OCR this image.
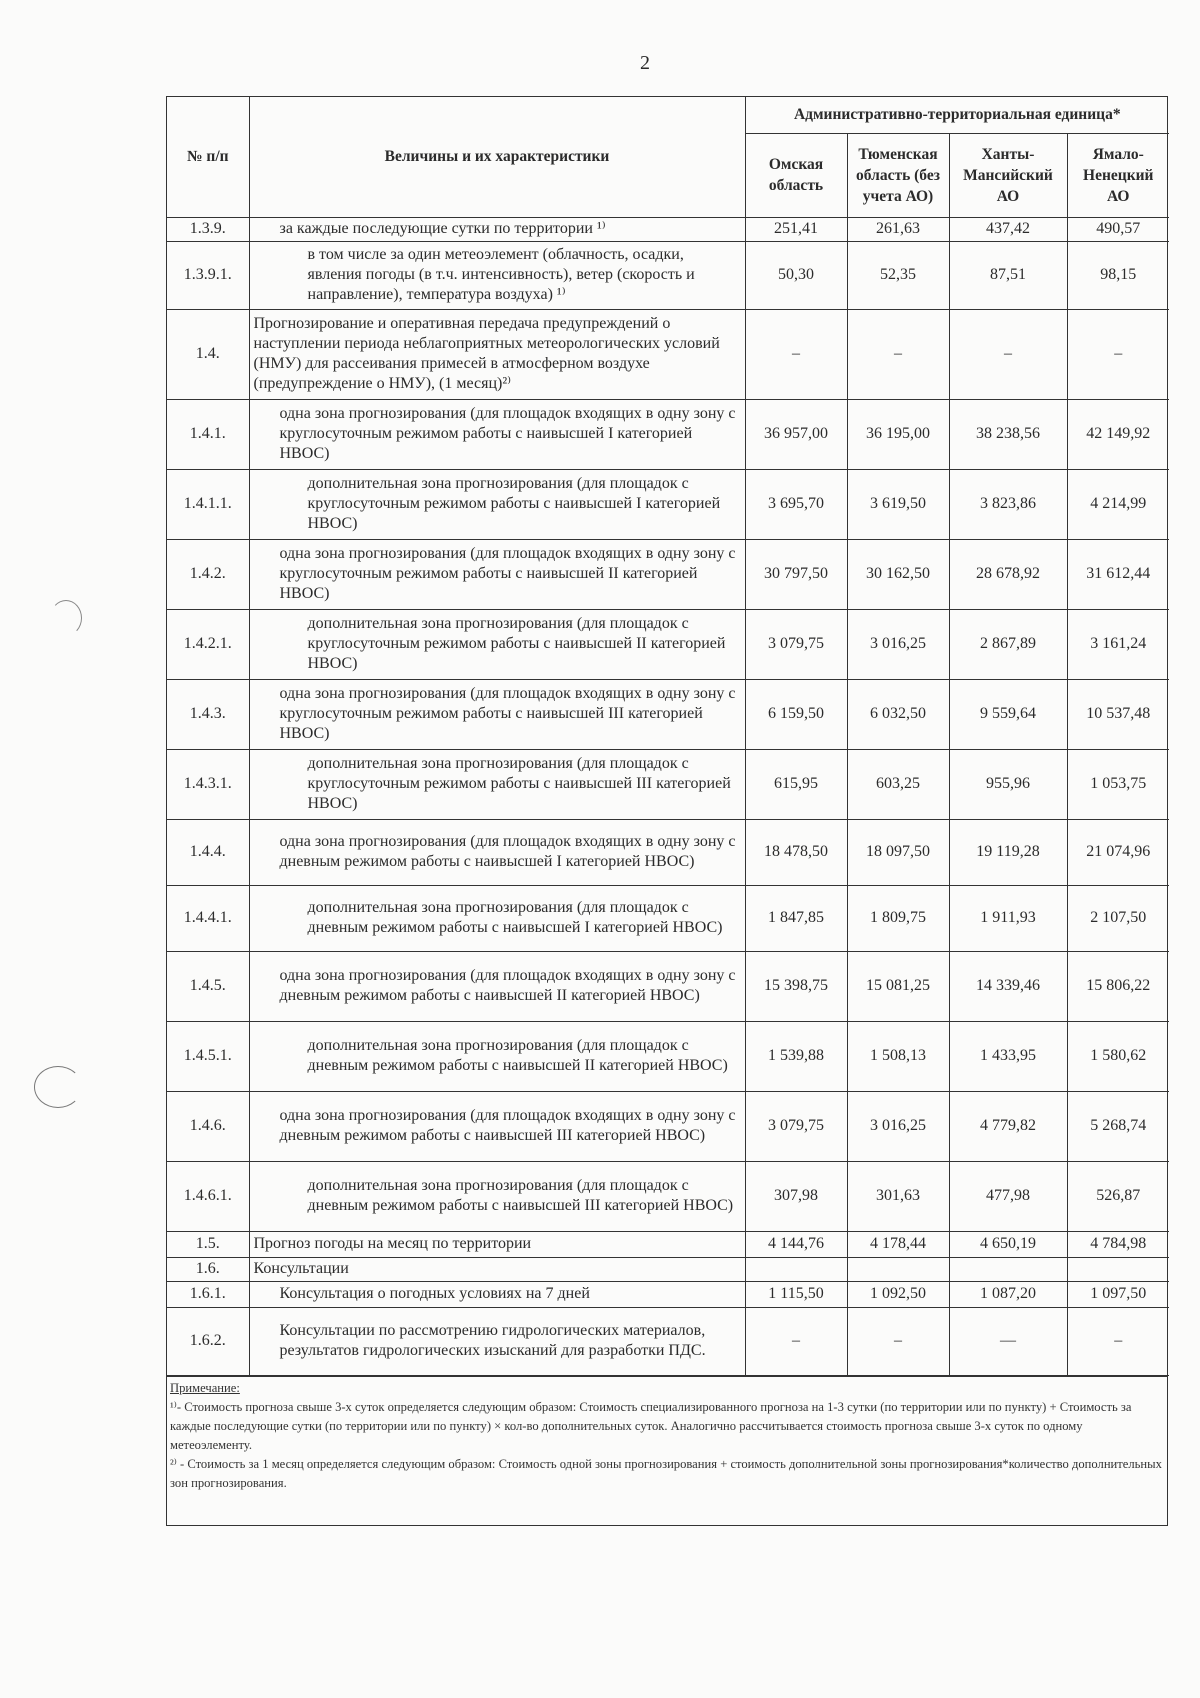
2
№ п/п	Величины и их характеристики	Административно-территориальная единица*			
		Омская область	Тюменская область (без учета АО)	Ханты-Мансийский АО	Ямало-Ненецкий АО
1.3.9.	за каждые последующие сутки по территории ¹⁾	251,41	261,63	437,42	490,57
1.3.9.1.	в том числе за один метеоэлемент (облачность, осадки, явления погоды (в т.ч. интенсивность), ветер (скорость и направление), температура воздуха) ¹⁾	50,30	52,35	87,51	98,15
1.4.	Прогнозирование и оперативная передача предупреждений о наступлении периода неблагоприятных метеорологических условий (НМУ) для рассеивания примесей в атмосферном воздухе (предупреждение о НМУ), (1 месяц)²⁾	–	–	–	–
1.4.1.	одна зона прогнозирования (для площадок входящих в одну зону с круглосуточным режимом работы с наивысшей I категорией НВОС)	36 957,00	36 195,00	38 238,56	42 149,92
1.4.1.1.	дополнительная зона прогнозирования (для площадок с круглосуточным режимом работы с наивысшей I категорией НВОС)	3 695,70	3 619,50	3 823,86	4 214,99
1.4.2.	одна зона прогнозирования (для площадок входящих в одну зону с круглосуточным режимом работы с наивысшей II категорией НВОС)	30 797,50	30 162,50	28 678,92	31 612,44
1.4.2.1.	дополнительная зона прогнозирования (для площадок с круглосуточным режимом работы с наивысшей II категорией НВОС)	3 079,75	3 016,25	2 867,89	3 161,24
1.4.3.	одна зона прогнозирования (для площадок входящих в одну зону с круглосуточным режимом работы с наивысшей III категорией НВОС)	6 159,50	6 032,50	9 559,64	10 537,48
1.4.3.1.	дополнительная зона прогнозирования (для площадок с круглосуточным режимом работы с наивысшей III категорией НВОС)	615,95	603,25	955,96	1 053,75
1.4.4.	одна зона прогнозирования (для площадок входящих в одну зону с дневным режимом работы с наивысшей I категорией НВОС)	18 478,50	18 097,50	19 119,28	21 074,96
1.4.4.1.	дополнительная зона прогнозирования (для площадок с дневным режимом работы с наивысшей I категорией НВОС)	1 847,85	1 809,75	1 911,93	2 107,50
1.4.5.	одна зона прогнозирования (для площадок входящих в одну зону с дневным режимом работы с наивысшей II категорией НВОС)	15 398,75	15 081,25	14 339,46	15 806,22
1.4.5.1.	дополнительная зона прогнозирования (для площадок с дневным режимом работы с наивысшей II категорией НВОС)	1 539,88	1 508,13	1 433,95	1 580,62
1.4.6.	одна зона прогнозирования (для площадок входящих в одну зону с дневным режимом работы с наивысшей III категорией НВОС)	3 079,75	3 016,25	4 779,82	5 268,74
1.4.6.1.	дополнительная зона прогнозирования (для площадок с дневным режимом работы с наивысшей III категорией НВОС)	307,98	301,63	477,98	526,87
1.5.	Прогноз погоды на месяц по территории	4 144,76	4 178,44	4 650,19	4 784,98
1.6.	Консультации				
1.6.1.	Консультация о погодных условиях на 7 дней	1 115,50	1 092,50	1 087,20	1 097,50
1.6.2.	Консультации по рассмотрению гидрологических материалов, результатов гидрологических изысканий для разработки ПДС.	–	–	—	–
Примечание:
¹⁾- Стоимость прогноза свыше 3-х суток определяется следующим образом: Стоимость специализированного прогноза на 1-3 сутки (по территории или по пункту) + Стоимость за каждые последующие сутки (по территории или по пункту) × кол-во дополнительных суток. Аналогично рассчитывается стоимость прогноза свыше 3-х суток по одному метеоэлементу.
²⁾ - Стоимость за 1 месяц определяется следующим образом: Стоимость одной зоны прогнозирования + стоимость дополнительной зоны прогнозирования*количество дополнительных зон прогнозирования.
